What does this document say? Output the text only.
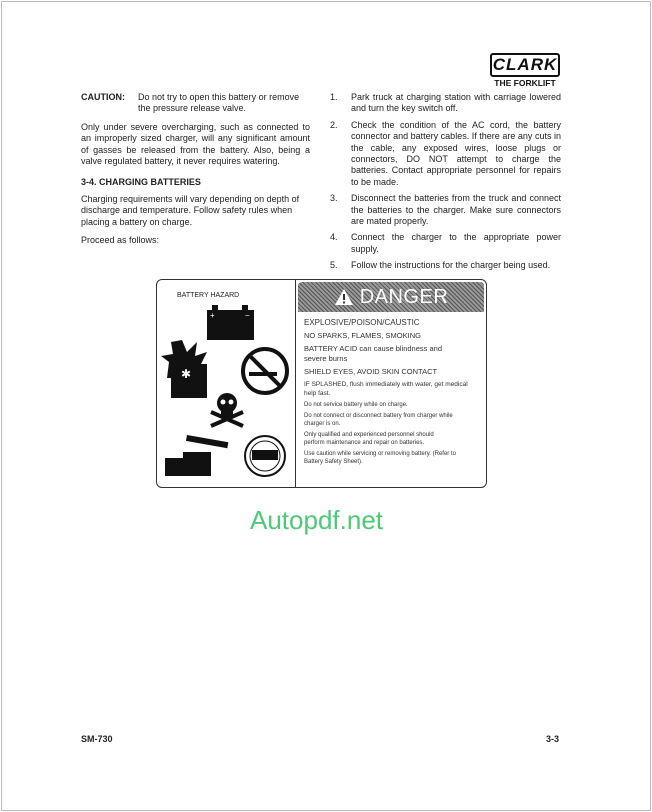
CLARK
THE FORKLIFT
CAUTION:	Do not try to open this battery or remove the pressure release valve.

Only under severe overcharging, such as connected to an improperly sized charger, will any significant amount of gasses be released from the battery. Also, being a valve regulated battery, it never requires watering.

3-4. CHARGING BATTERIES

Charging requirements will vary depending on depth of discharge and temperature. Follow safety rules when placing a battery on charge.

Proceed as follows:

1.	Park truck at charging station with carriage lowered and turn the key switch off.
2.	Check the condition of the AC cord, the battery connector and battery cables. If there are any cuts in the cable, any exposed wires, loose plugs or connectors, DO NOT attempt to charge the batteries. Contact appropriate personnel for repairs to be made.
3.	Disconnect the batteries from the truck and connect the batteries to the charger. Make sure connectors are mated properly.
4.	Connect the charger to the appropriate power supply.
5.	Follow the instructions for the charger being used.
BATTERY HAZARD
+	−
✱
DANGER
EXPLOSIVE/POISON/CAUSTIC
NO SPARKS, FLAMES, SMOKING
BATTERY ACID can cause blindness and severe burns
SHIELD EYES, AVOID SKIN CONTACT
IF SPLASHED, flush immediately with water, get medical help fast.
Do not service battery while on charge.
Do not connect or disconnect battery from charger while charger is on.
Only qualified and experienced personnel should perform maintenance and repair on batteries.
Use caution while servicing or removing battery. (Refer to Battery Safety Sheet).
Autopdf.net
SM-730	3-3
